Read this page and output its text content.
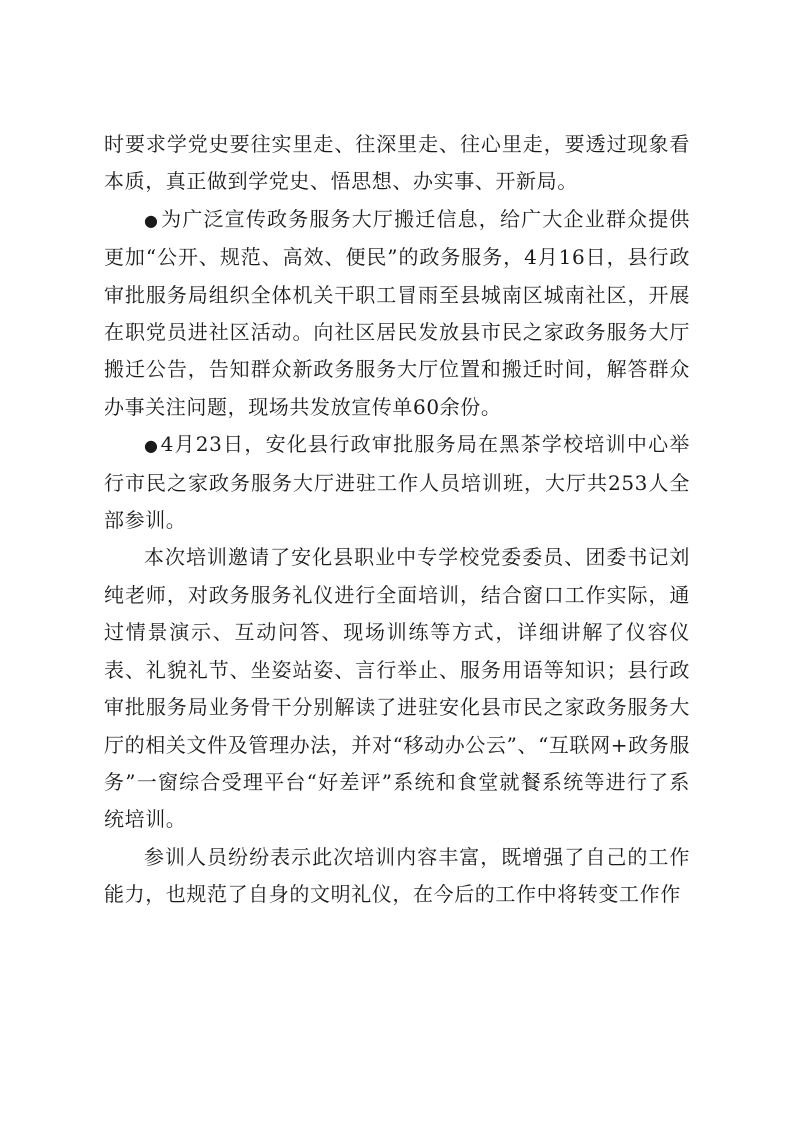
时要求学党史要往实里走、往深里走、往心里走，要透过现象看本质，真正做到学党史、悟思想、办实事、开新局。

● 为广泛宣传政务服务大厅搬迁信息，给广大企业群众提供更加“公开、规范、高效、便民”的政务服务，4月16日，县行政审批服务局组织全体机关干职工冒雨至县城南区城南社区，开展在职党员进社区活动。向社区居民发放县市民之家政务服务大厅搬迁公告，告知群众新政务服务大厅位置和搬迁时间，解答群众办事关注问题，现场共发放宣传单60余份。

● 4月23日，安化县行政审批服务局在黑茶学校培训中心举行市民之家政务服务大厅进驻工作人员培训班，大厅共253人全部参训。

本次培训邀请了安化县职业中专学校党委委员、团委书记刘纯老师，对政务服务礼仪进行全面培训，结合窗口工作实际，通过情景演示、互动问答、现场训练等方式，详细讲解了仪容仪表、礼貌礼节、坐姿站姿、言行举止、服务用语等知识；县行政审批服务局业务骨干分别解读了进驻安化县市民之家政务服务大厅的相关文件及管理办法，并对“移动办公云”、“互联网+政务服务”一窗综合受理平台“好差评”系统和食堂就餐系统等进行了系统培训。

参训人员纷纷表示此次培训内容丰富，既增强了自己的工作能力，也规范了自身的文明礼仪，在今后的工作中将转变工作作
